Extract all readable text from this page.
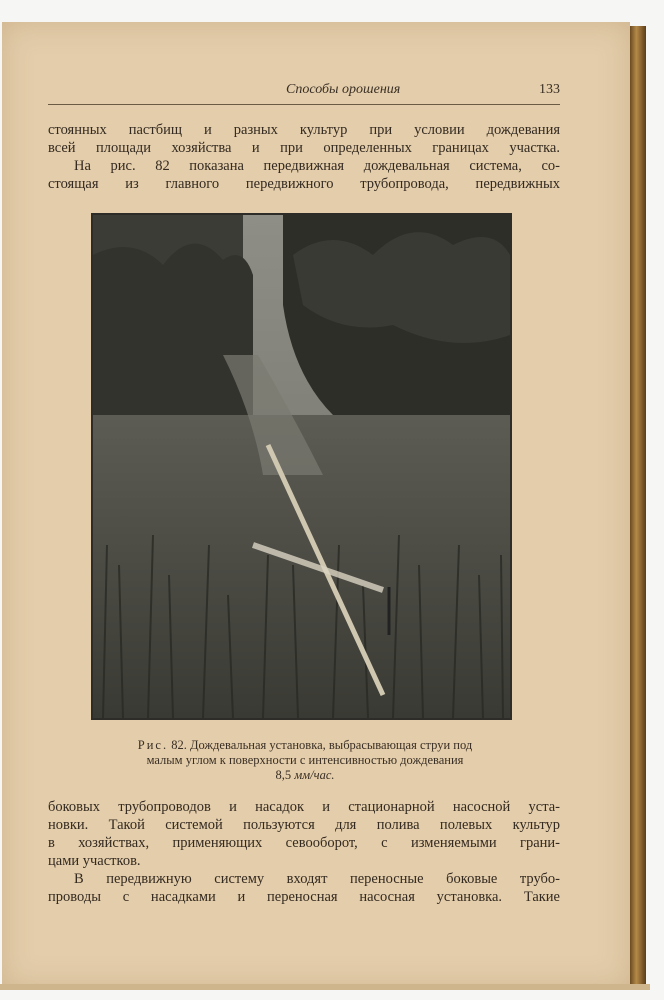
Способы орошения	133
стоянных пастбищ и разных культур при условии дождевания
всей площади хозяйства и при определенных границах участка.
На рис. 82 показана передвижная дождевальная система, со-
стоящая из главного передвижного трубопровода, передвижных
Рис. 82. Дождевальная установка, выбрасывающая струи под
малым углом к поверхности с интенсивностью дождевания
8,5 мм/час.
боковых трубопроводов и насадок и стационарной насосной уста-
новки. Такой системой пользуются для полива полевых культур
в хозяйствах, применяющих севооборот, с изменяемыми грани-
цами участков.
В передвижную систему входят переносные боковые трубо-
проводы с насадками и переносная насосная установка. Такие
